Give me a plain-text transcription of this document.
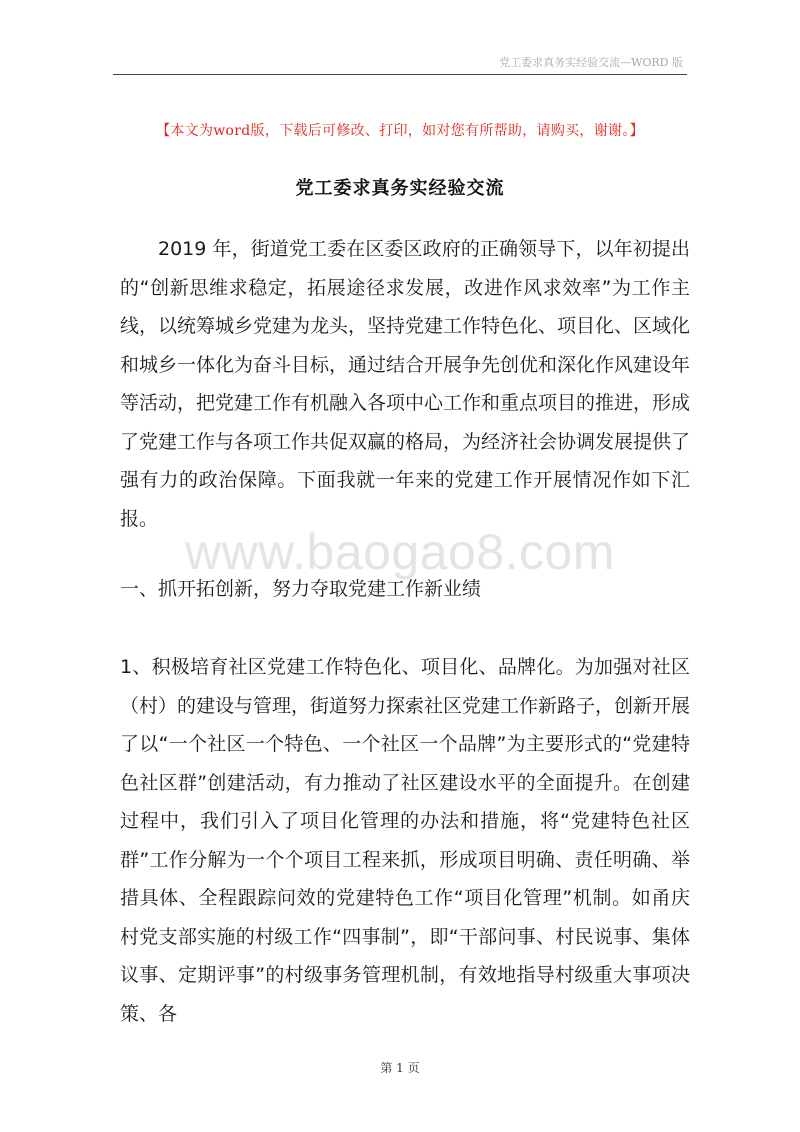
党工委求真务实经验交流—WORD 版
【本文为word版，下载后可修改、打印，如对您有所帮助，请购买，谢谢。】
党工委求真务实经验交流
2019 年，街道党工委在区委区政府的正确领导下，以年初提出的“创新思维求稳定，拓展途径求发展，改进作风求效率”为工作主线，以统筹城乡党建为龙头，坚持党建工作特色化、项目化、区域化和城乡一体化为奋斗目标，通过结合开展争先创优和深化作风建设年等活动，把党建工作有机融入各项中心工作和重点项目的推进，形成了党建工作与各项工作共促双赢的格局，为经济社会协调发展提供了强有力的政治保障。下面我就一年来的党建工作开展情况作如下汇报。
www.baogao8.com
一、抓开拓创新，努力夺取党建工作新业绩
1、积极培育社区党建工作特色化、项目化、品牌化。为加强对社区（村）的建设与管理，街道努力探索社区党建工作新路子，创新开展了以“一个社区一个特色、一个社区一个品牌”为主要形式的“党建特色社区群”创建活动，有力推动了社区建设水平的全面提升。在创建过程中，我们引入了项目化管理的办法和措施，将“党建特色社区群”工作分解为一个个项目工程来抓，形成项目明确、责任明确、举措具体、全程跟踪问效的党建特色工作“项目化管理”机制。如甬庆村党支部实施的村级工作“四事制”，即“干部问事、村民说事、集体议事、定期评事”的村级事务管理机制，有效地指导村级重大事项决策、各
第 1 页
